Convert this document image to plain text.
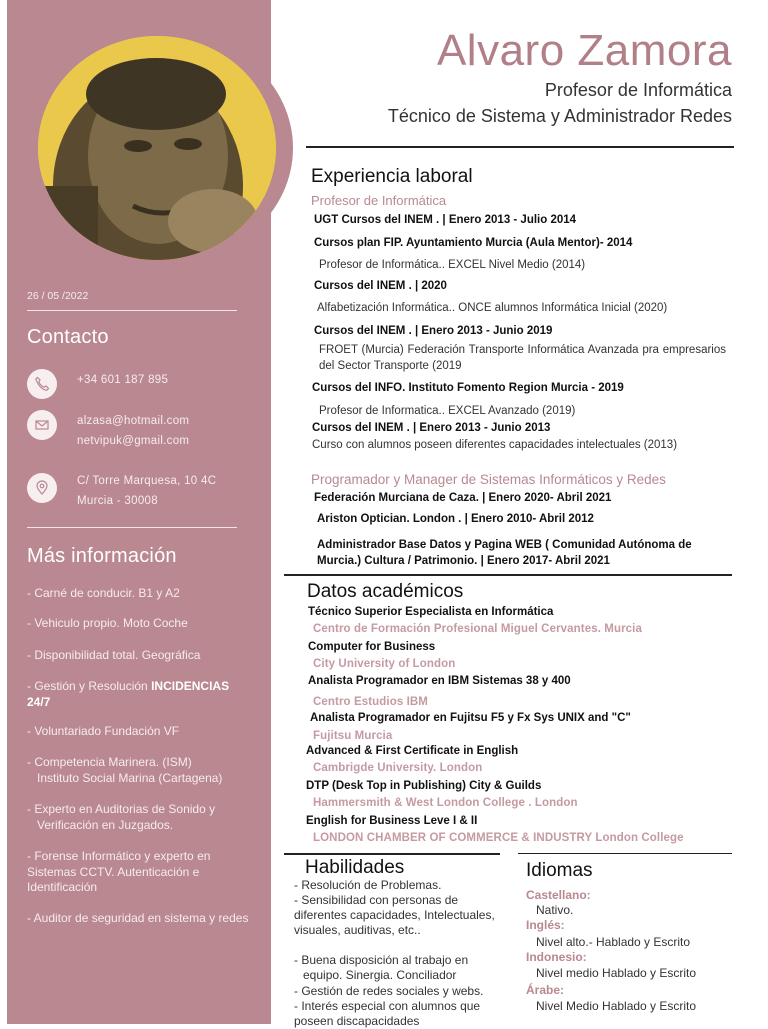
26 / 05 /2022
Contacto
+34 601 187 895
alzasa@hotmail.com
netvipuk@gmail.com
C/ Torre Marquesa, 10 4C
Murcia - 30008
Más información
- Carné de conducir. B1 y A2
- Vehiculo propio. Moto Coche
- Disponibilidad total. Geográfica
- Gestión y Resolución INCIDENCIAS 24/7
- Voluntariado Fundación VF
- Competencia Marinera. (ISM)
Instituto Social Marina (Cartagena)
- Experto en Auditorias de Sonido y
Verificación en Juzgados.
- Forense Informático y experto en Sistemas CCTV. Autenticación e Identificación
- Auditor de seguridad en sistema y redes
Alvaro Zamora
Profesor de Informática
Técnico de Sistema y Administrador Redes
Experiencia laboral
Profesor de Informática
UGT Cursos del INEM . | Enero 2013 - Julio 2014
Cursos plan FIP. Ayuntamiento Murcia (Aula Mentor)- 2014
Profesor de Informática.. EXCEL Nivel Medio (2014)
Cursos del INEM . | 2020
Alfabetización Informática.. ONCE alumnos Informática Inicial (2020)
Cursos del INEM . | Enero 2013 - Junio 2019
FROET (Murcia) Federación Transporte Informática Avanzada pra empresarios del Sector Transporte (2019
Cursos del INFO. Instituto Fomento Region Murcia - 2019
Profesor de Informatica.. EXCEL Avanzado (2019)
Cursos del INEM . | Enero 2013 - Junio 2013
Curso con alumnos poseen diferentes capacidades intelectuales (2013)
Programador y Manager de Sistemas Informáticos y Redes
Federación Murciana de Caza. | Enero 2020- Abril 2021
Ariston Optician. London . | Enero 2010- Abril 2012
Administrador Base Datos y Pagina WEB ( Comunidad Autónoma de Murcia.) Cultura / Patrimonio. | Enero 2017- Abril 2021
Datos académicos
Técnico Superior Especialista en Informática
Centro de Formación Profesional Miguel Cervantes. Murcia
Computer for Business
City University of London
Analista Programador en IBM Sistemas 38 y 400
Centro Estudios IBM
Analista Programador en Fujitsu F5 y Fx Sys UNIX and "C"
Fujitsu Murcia
Advanced & First Certificate in English
Cambrigde University. London
DTP (Desk Top in Publishing) City & Guilds
Hammersmith & West London College . London
English for Business Leve I & II
LONDON CHAMBER OF COMMERCE & INDUSTRY London College
Habilidades
- Resolución de Problemas.
- Sensibilidad con personas de diferentes capacidades, Intelectuales, visuales, auditivas, etc..
- Buena disposición al trabajo en
equipo. Sinergia. Conciliador
- Gestión de redes sociales y webs.
- Interés especial con alumnos que poseen discapacidades
Idiomas
Castellano:
Nativo.
Inglés:
Nivel alto.- Hablado y Escrito
Indonesio:
Nivel medio Hablado y Escrito
Árabe:
Nivel Medio Hablado y Escrito
